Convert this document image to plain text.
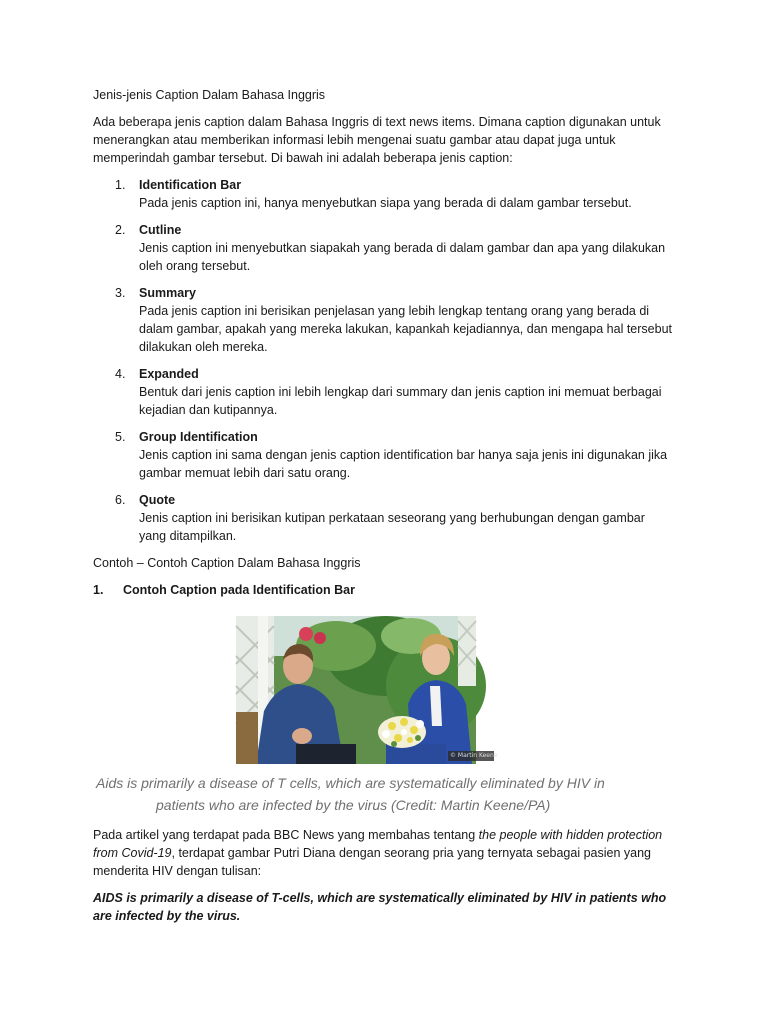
Jenis-jenis Caption Dalam Bahasa Inggris

Ada beberapa jenis caption dalam Bahasa Inggris di text news items. Dimana caption digunakan untuk menerangkan atau memberikan informasi lebih mengenai suatu gambar atau dapat juga untuk memperindah gambar tersebut. Di bawah ini adalah beberapa jenis caption:

1. Identification Bar
Pada jenis caption ini, hanya menyebutkan siapa yang berada di dalam gambar tersebut.
2. Cutline
Jenis caption ini menyebutkan siapakah yang berada di dalam gambar dan apa yang dilakukan oleh orang tersebut.
3. Summary
Pada jenis caption ini berisikan penjelasan yang lebih lengkap tentang orang yang berada di dalam gambar, apakah yang mereka lakukan, kapankah kejadiannya, dan mengapa hal tersebut dilakukan oleh mereka.
4. Expanded
Bentuk dari jenis caption ini lebih lengkap dari summary dan jenis caption ini memuat berbagai kejadian dan kutipannya.
5. Group Identification
Jenis caption ini sama dengan jenis caption identification bar hanya saja jenis ini digunakan jika gambar memuat lebih dari satu orang.
6. Quote
Jenis caption ini berisikan kutipan perkataan seseorang yang berhubungan dengan gambar yang ditampilkan.

Contoh – Contoh Caption Dalam Bahasa Inggris

1. Contoh Caption pada Identification Bar

© Martin Keene
Aids is primarily a disease of T cells, which are systematically eliminated by HIV in
patients who are infected by the virus (Credit: Martin Keene/PA)

Pada artikel yang terdapat pada BBC News yang membahas tentang the people with hidden protection from Covid-19, terdapat gambar Putri Diana dengan seorang pria yang ternyata sebagai pasien yang menderita HIV dengan tulisan:

AIDS is primarily a disease of T-cells, which are systematically eliminated by HIV in patients who are infected by the virus.
